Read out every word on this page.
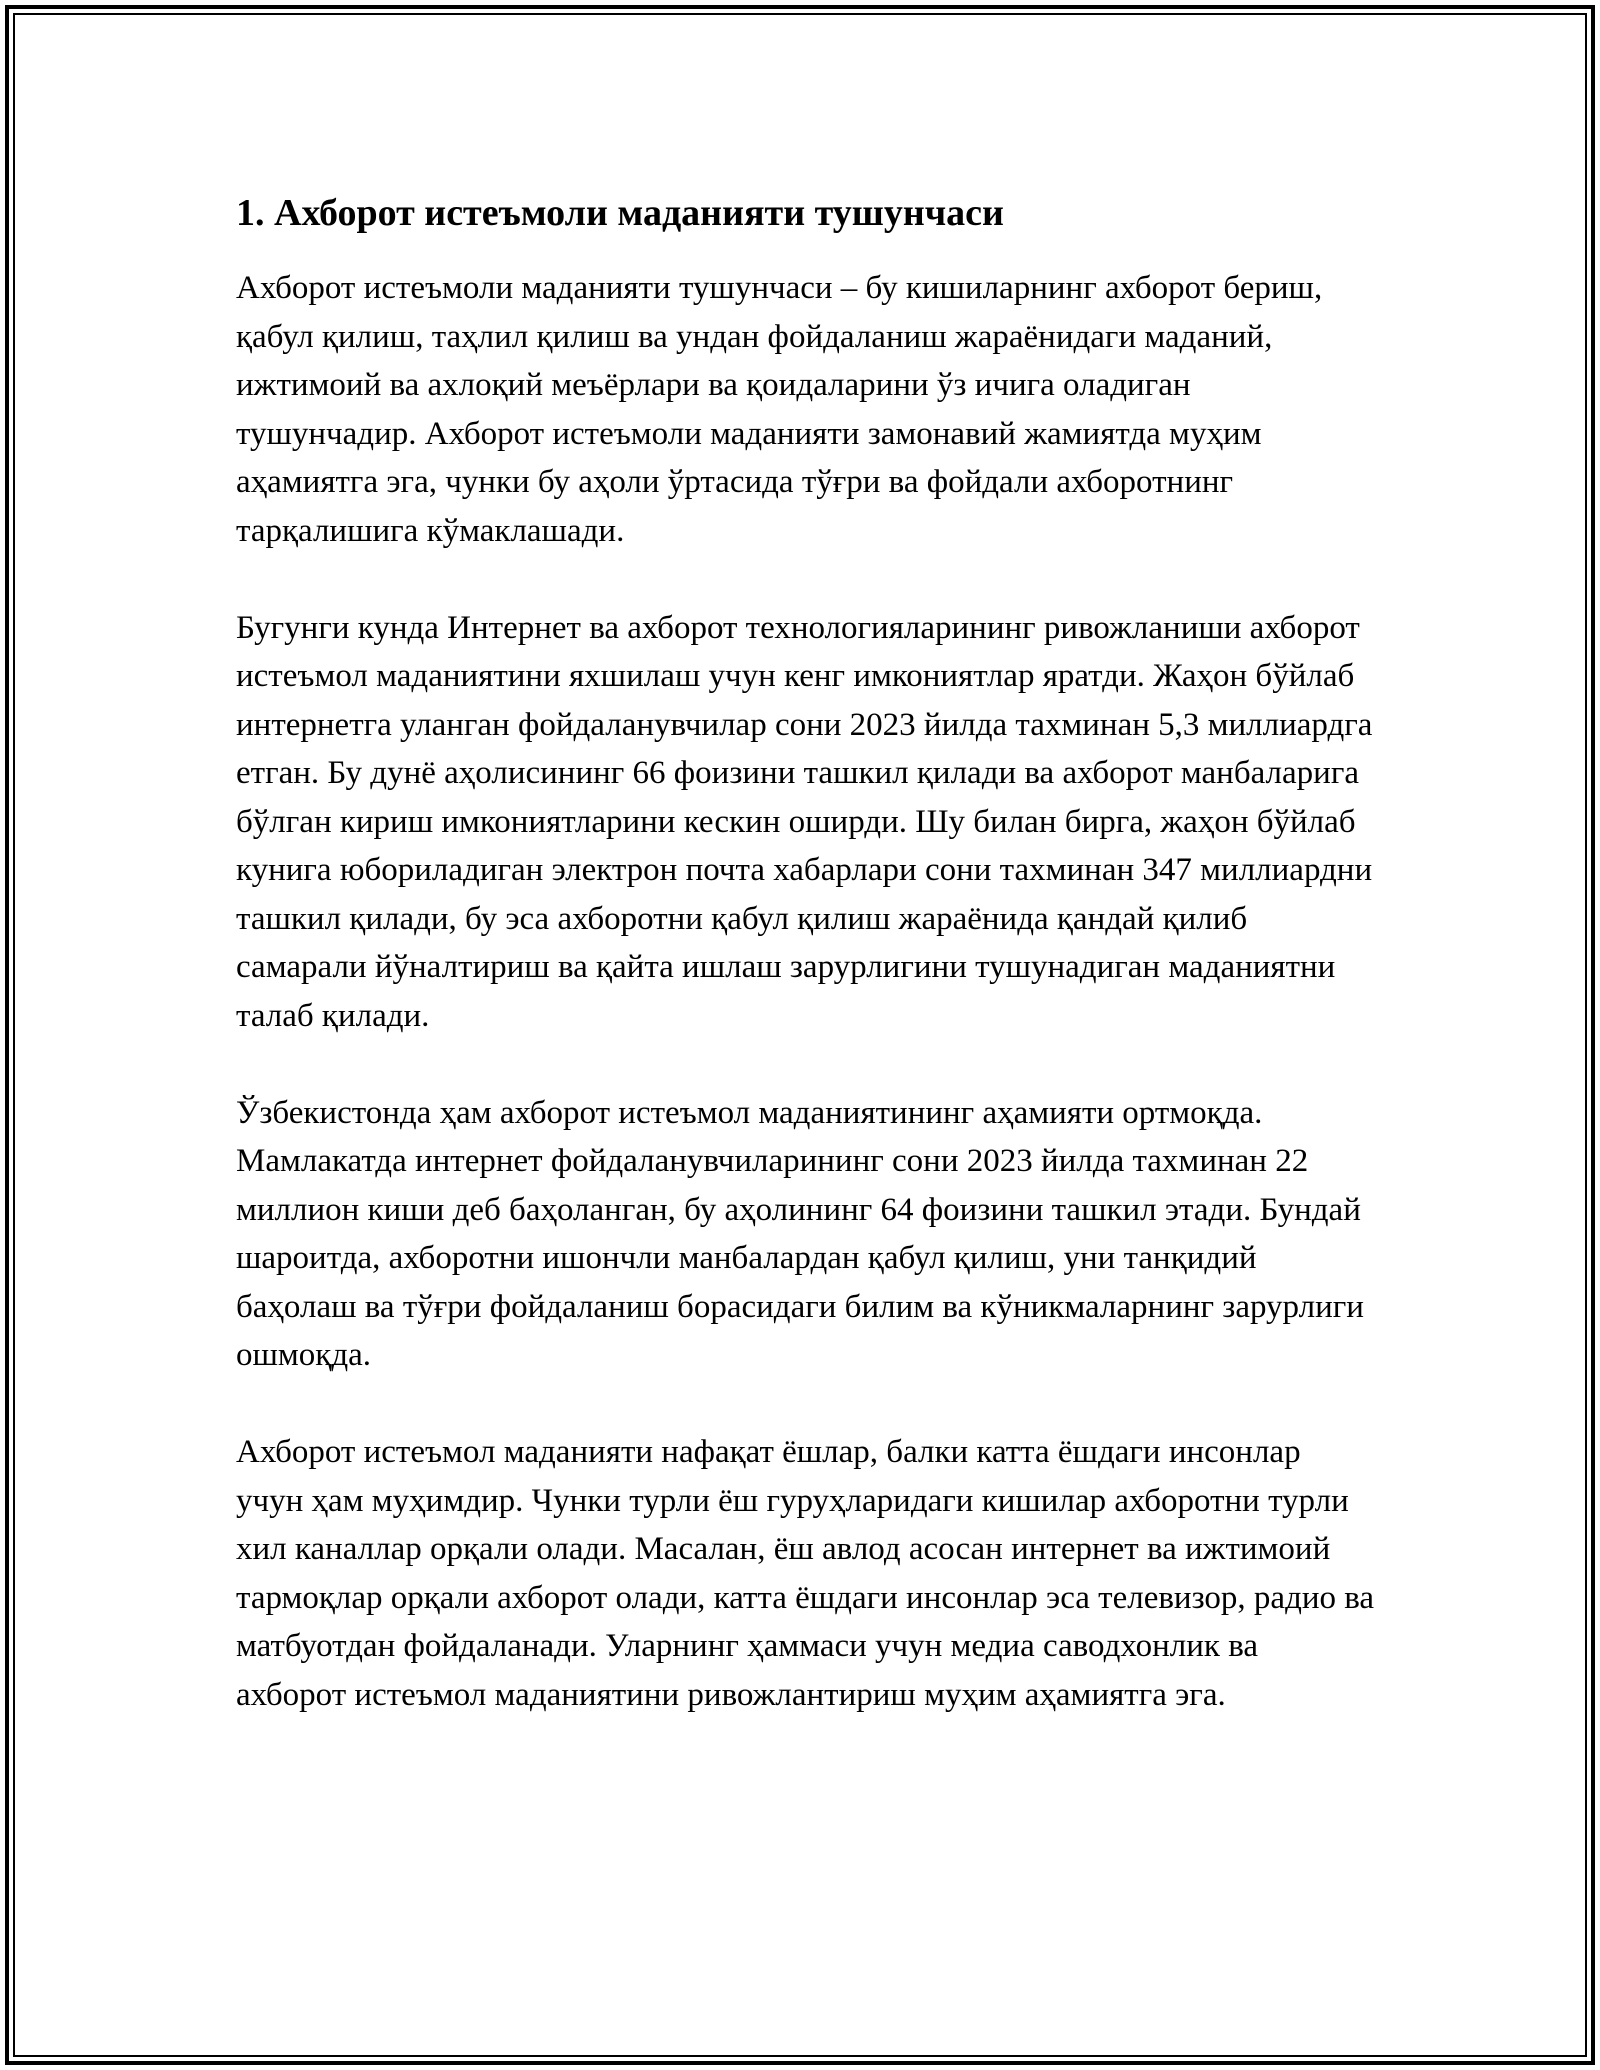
1. Ахборот истеъмоли маданияти тушунчаси

Ахборот истеъмоли маданияти тушунчаси – бу кишиларнинг ахборот бериш, қабул қилиш, таҳлил қилиш ва ундан фойдаланиш жараёнидаги маданий, ижтимоий ва ахлоқий меъёрлари ва қоидаларини ўз ичига оладиган тушунчадир. Ахборот истеъмоли маданияти замонавий жамиятда муҳим аҳамиятга эга, чунки бу аҳоли ўртасида тўғри ва фойдали ахборотнинг тарқалишига кўмаклашади.

Бугунги кунда Интернет ва ахборот технологияларининг ривожланиши ахборот истеъмол маданиятини яхшилаш учун кенг имкониятлар яратди. Жаҳон бўйлаб интернетга уланган фойдаланувчилар сони 2023 йилда тахминан 5,3 миллиардга етган. Бу дунё аҳолисининг 66 фоизини ташкил қилади ва ахборот манбаларига бўлган кириш имкониятларини кескин оширди. Шу билан бирга, жаҳон бўйлаб кунига юбориладиган электрон почта хабарлари сони тахминан 347 миллиардни ташкил қилади, бу эса ахборотни қабул қилиш жараёнида қандай қилиб самарали йўналтириш ва қайта ишлаш зарурлигини тушунадиган маданиятни талаб қилади.

Ўзбекистонда ҳам ахборот истеъмол маданиятининг аҳамияти ортмоқда. Мамлакатда интернет фойдаланувчиларининг сони 2023 йилда тахминан 22 миллион киши деб баҳоланган, бу аҳолининг 64 фоизини ташкил этади. Бундай шароитда, ахборотни ишончли манбалардан қабул қилиш, уни танқидий баҳолаш ва тўғри фойдаланиш борасидаги билим ва кўникмаларнинг зарурлиги ошмоқда.

Ахборот истеъмол маданияти нафақат ёшлар, балки катта ёшдаги инсонлар учун ҳам муҳимдир. Чунки турли ёш гуруҳларидаги кишилар ахборотни турли хил каналлар орқали олади. Масалан, ёш авлод асосан интернет ва ижтимоий тармоқлар орқали ахборот олади, катта ёшдаги инсонлар эса телевизор, радио ва матбуотдан фойдаланади. Уларнинг ҳаммаси учун медиа саводхонлик ва ахборот истеъмол маданиятини ривожлантириш муҳим аҳамиятга эга.
